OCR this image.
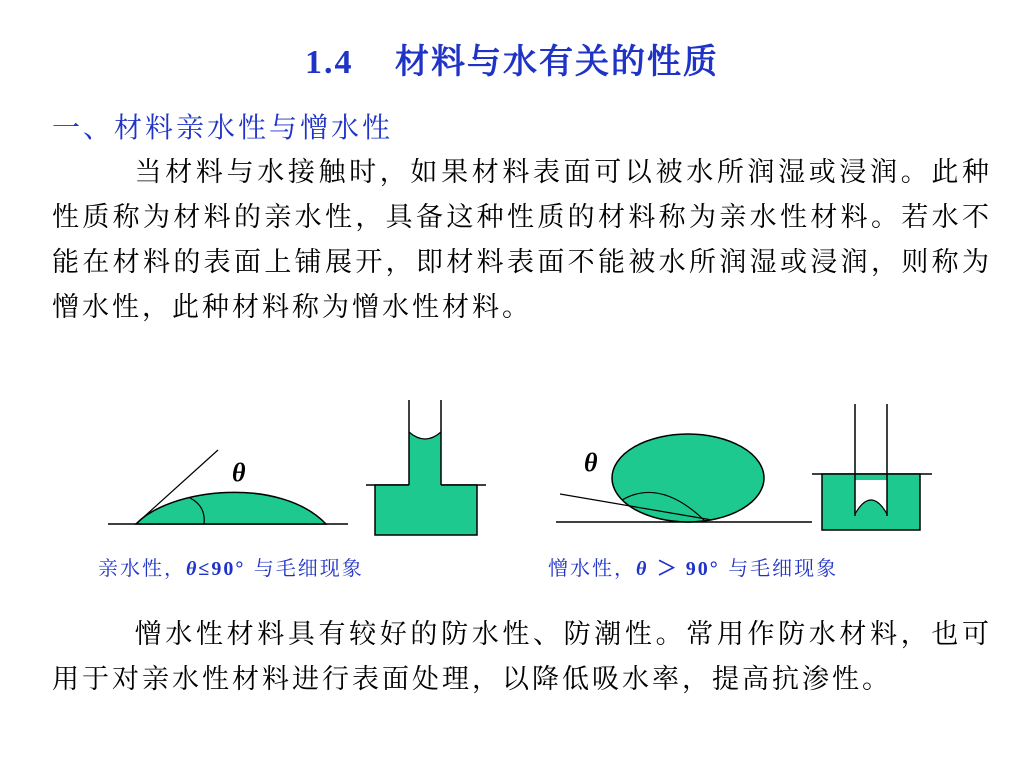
1.4 材料与水有关的性质
一、材料亲水性与憎水性
当材料与水接触时，如果材料表面可以被水所润湿或浸润。此种性质称为材料的亲水性，具备这种性质的材料称为亲水性材料。若水不能在材料的表面上铺展开，即材料表面不能被水所润湿或浸润，则称为憎水性，此种材料称为憎水性材料。
θ	θ
亲水性，θ≤90° 与毛细现象	憎水性，θ ＞ 90° 与毛细现象
憎水性材料具有较好的防水性、防潮性。常用作防水材料，也可用于对亲水性材料进行表面处理，以降低吸水率，提高抗渗性。
